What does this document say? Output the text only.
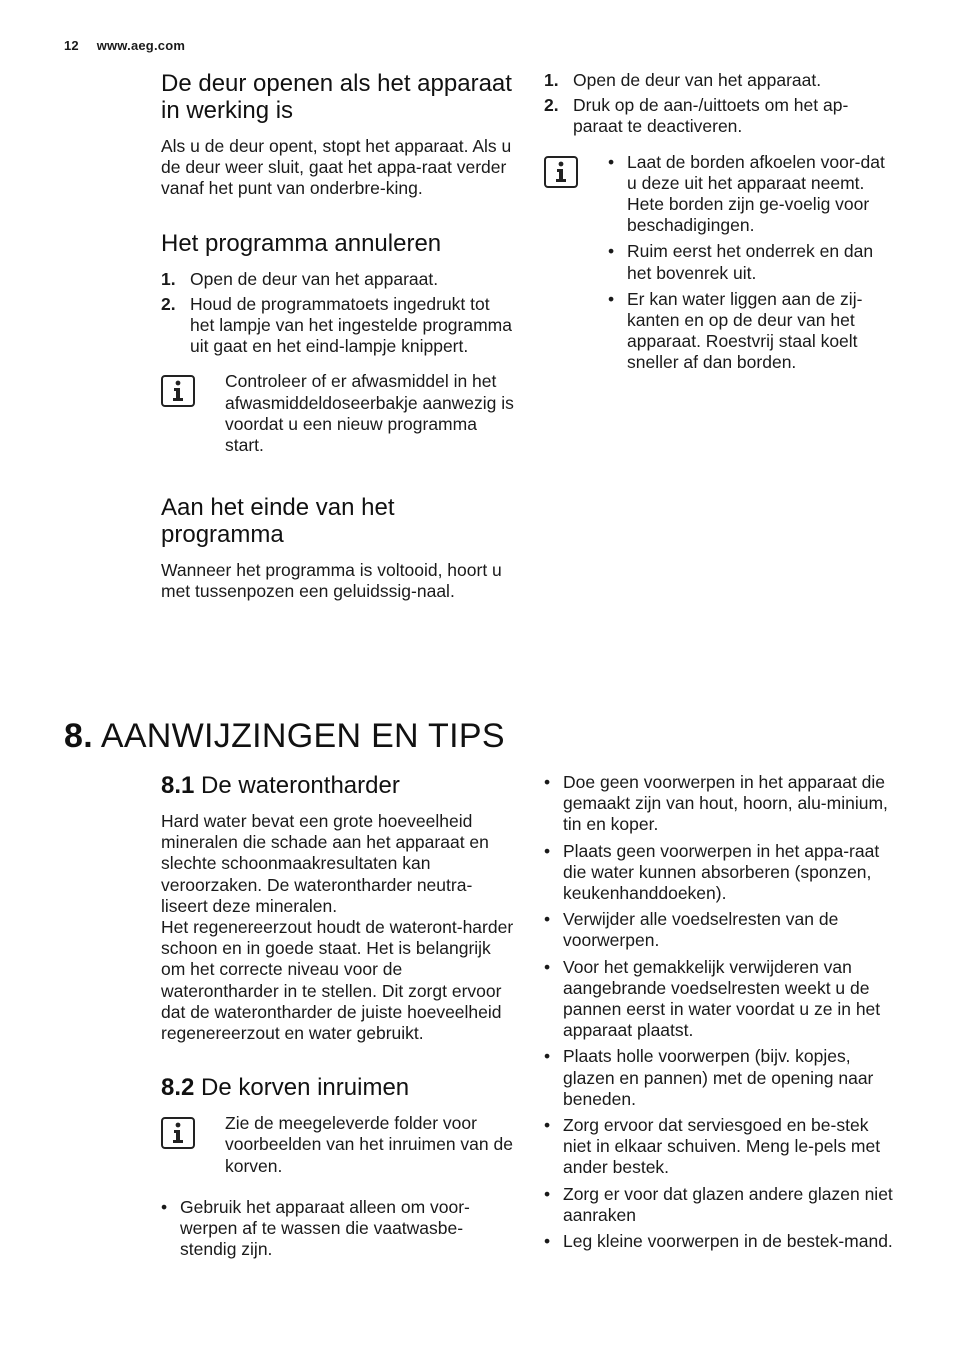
12 www.aeg.com
De deur openen als het apparaat in werking is

Als u de deur opent, stopt het apparaat. Als u de deur weer sluit, gaat het appa-raat verder vanaf het punt van onderbre-king.

Het programma annuleren
1. Open de deur van het apparaat.
2. Houd de programmatoets ingedrukt tot het lampje van het ingestelde programma uit gaat en het eind-lampje knippert.

Controleer of er afwasmiddel in het afwasmiddeldoseerbakje aanwezig is voordat u een nieuw programma start.

Aan het einde van het programma

Wanneer het programma is voltooid, hoort u met tussenpozen een geluidssig-naal.

1. Open de deur van het apparaat.
2. Druk op de aan-/uittoets om het ap-paraat te deactiveren.
• Laat de borden afkoelen voor-dat u deze uit het apparaat neemt. Hete borden zijn ge-voelig voor beschadigingen.
• Ruim eerst het onderrek en dan het bovenrek uit.
• Er kan water liggen aan de zij-kanten en op de deur van het apparaat. Roestvrij staal koelt sneller af dan borden.
8. AANWIJZINGEN EN TIPS
8.1 De waterontharder

Hard water bevat een grote hoeveelheid mineralen die schade aan het apparaat en slechte schoonmaakresultaten kan veroorzaken. De waterontharder neutra-liseert deze mineralen.

Het regenereerzout houdt de wateront-harder schoon en in goede staat. Het is belangrijk om het correcte niveau voor de waterontharder in te stellen. Dit zorgt ervoor dat de waterontharder de juiste hoeveelheid regenereerzout en water gebruikt.

8.2 De korven inruimen

Zie de meegeleverde folder voor voorbeelden van het inruimen van de korven.

• Gebruik het apparaat alleen om voor-werpen af te wassen die vaatwasbe-stendig zijn.
• Doe geen voorwerpen in het apparaat die gemaakt zijn van hout, hoorn, alu-minium, tin en koper.
• Plaats geen voorwerpen in het appa-raat die water kunnen absorberen (sponzen, keukenhanddoeken).
• Verwijder alle voedselresten van de voorwerpen.
• Voor het gemakkelijk verwijderen van aangebrande voedselresten weekt u de pannen eerst in water voordat u ze in het apparaat plaatst.
• Plaats holle voorwerpen (bijv. kopjes, glazen en pannen) met de opening naar beneden.
• Zorg ervoor dat serviesgoed en be-stek niet in elkaar schuiven. Meng le-pels met ander bestek.
• Zorg er voor dat glazen andere glazen niet aanraken
• Leg kleine voorwerpen in de bestek-mand.
